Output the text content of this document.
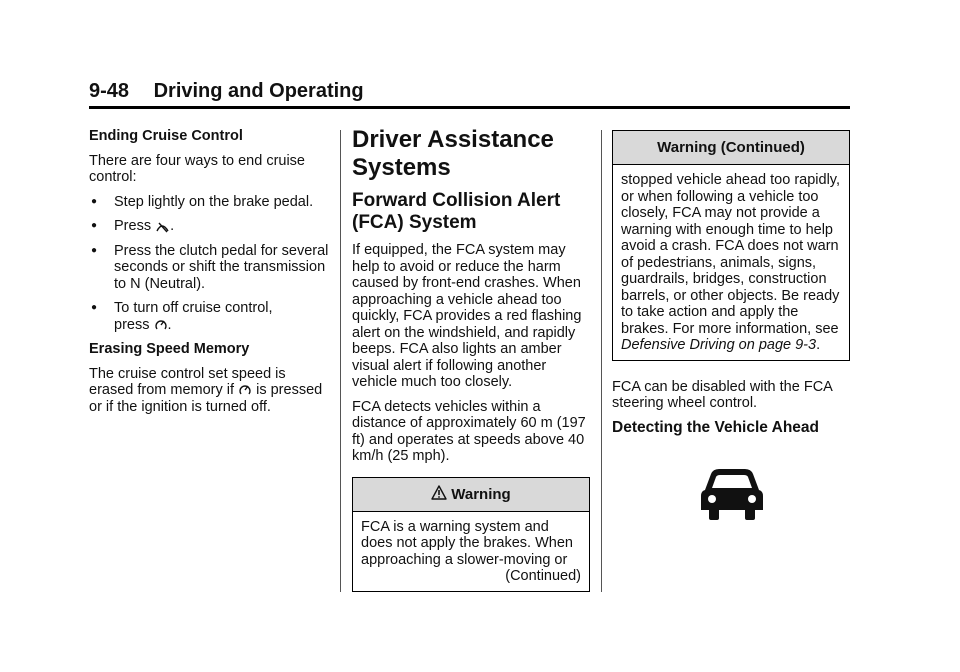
9-48 Driving and Operating
Ending Cruise Control

There are four ways to end cruise control:

● Step lightly on the brake pedal.
● Press .
● Press the clutch pedal for several seconds or shift the transmission to N (Neutral).
● To turn off cruise control,
press .
Erasing Speed Memory

The cruise control set speed is erased from memory if is pressed or if the ignition is turned off.

Driver Assistance Systems
Forward Collision Alert (FCA) System

If equipped, the FCA system may help to avoid or reduce the harm caused by front-end crashes. When approaching a vehicle ahead too quickly, FCA provides a red flashing alert on the windshield, and rapidly beeps. FCA also lights an amber visual alert if following another vehicle much too closely.

FCA detects vehicles within a distance of approximately 60 m (197 ft) and operates at speeds above 40 km/h (25 mph).

Warning
FCA is a warning system and does not apply the brakes. When approaching a slower-moving or
(Continued)
Warning (Continued)
stopped vehicle ahead too rapidly, or when following a vehicle too closely, FCA may not provide a warning with enough time to help avoid a crash. FCA does not warn of pedestrians, animals, signs, guardrails, bridges, construction barrels, or other objects. Be ready to take action and apply the brakes. For more information, see Defensive Driving on page 9-3.

FCA can be disabled with the FCA steering wheel control.

Detecting the Vehicle Ahead
